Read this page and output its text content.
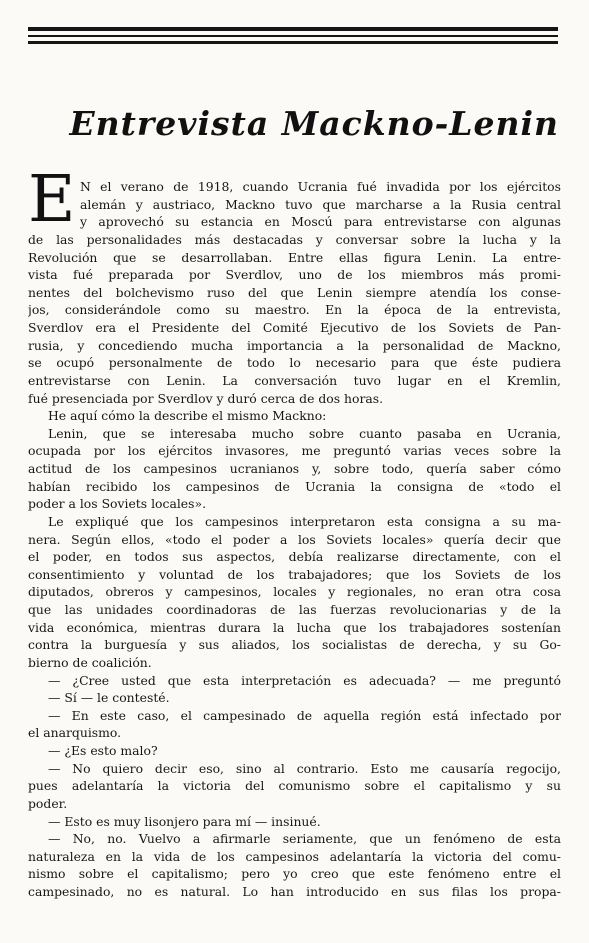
Entrevista Mackno-Lenin
E N el verano de 1918, cuando Ucrania fué invadida por los ejércitos
alemán y austriaco, Mackno tuvo que marcharse a la Rusia central
y aprovechó su estancia en Moscú para entrevistarse con algunas
de las personalidades más destacadas y conversar sobre la lucha y la
Revolución que se desarrollaban. Entre ellas figura Lenin. La entre-
vista fué preparada por Sverdlov, uno de los miembros más promi-
nentes del bolchevismo ruso del que Lenin siempre atendía los conse-
jos, considerándole como su maestro. En la época de la entrevista,
Sverdlov era el Presidente del Comité Ejecutivo de los Soviets de Pan-
rusia, y concediendo mucha importancia a la personalidad de Mackno,
se ocupó personalmente de todo lo necesario para que éste pudiera
entrevistarse con Lenin. La conversación tuvo lugar en el Kremlin,
fué presenciada por Sverdlov y duró cerca de dos horas.
He aquí cómo la describe el mismo Mackno:
Lenin, que se interesaba mucho sobre cuanto pasaba en Ucrania,
ocupada por los ejércitos invasores, me preguntó varias veces sobre la
actitud de los campesinos ucranianos y, sobre todo, quería saber cómo
habían recibido los campesinos de Ucrania la consigna de «todo el
poder a los Soviets locales».
Le expliqué que los campesinos interpretaron esta consigna a su ma-
nera. Según ellos, «todo el poder a los Soviets locales» quería decir que
el poder, en todos sus aspectos, debía realizarse directamente, con el
consentimiento y voluntad de los trabajadores; que los Soviets de los
diputados, obreros y campesinos, locales y regionales, no eran otra cosa
que las unidades coordinadoras de las fuerzas revolucionarias y de la
vida económica, mientras durara la lucha que los trabajadores sostenían
contra la burguesía y sus aliados, los socialistas de derecha, y su Go-
bierno de coalición.
— ¿Cree usted que esta interpretación es adecuada? — me preguntó
— Sí — le contesté.
— En este caso, el campesinado de aquella región está infectado por
el anarquismo.
— ¿Es esto malo?
— No quiero decir eso, sino al contrario. Esto me causaría regocijo,
pues adelantaría la victoria del comunismo sobre el capitalismo y su
poder.
— Esto es muy lisonjero para mí — insinué.
— No, no. Vuelvo a afirmarle seriamente, que un fenómeno de esta
naturaleza en la vida de los campesinos adelantaría la victoria del comu-
nismo sobre el capitalismo; pero yo creo que este fenómeno entre el
campesinado, no es natural. Lo han introducido en sus filas los propa-
